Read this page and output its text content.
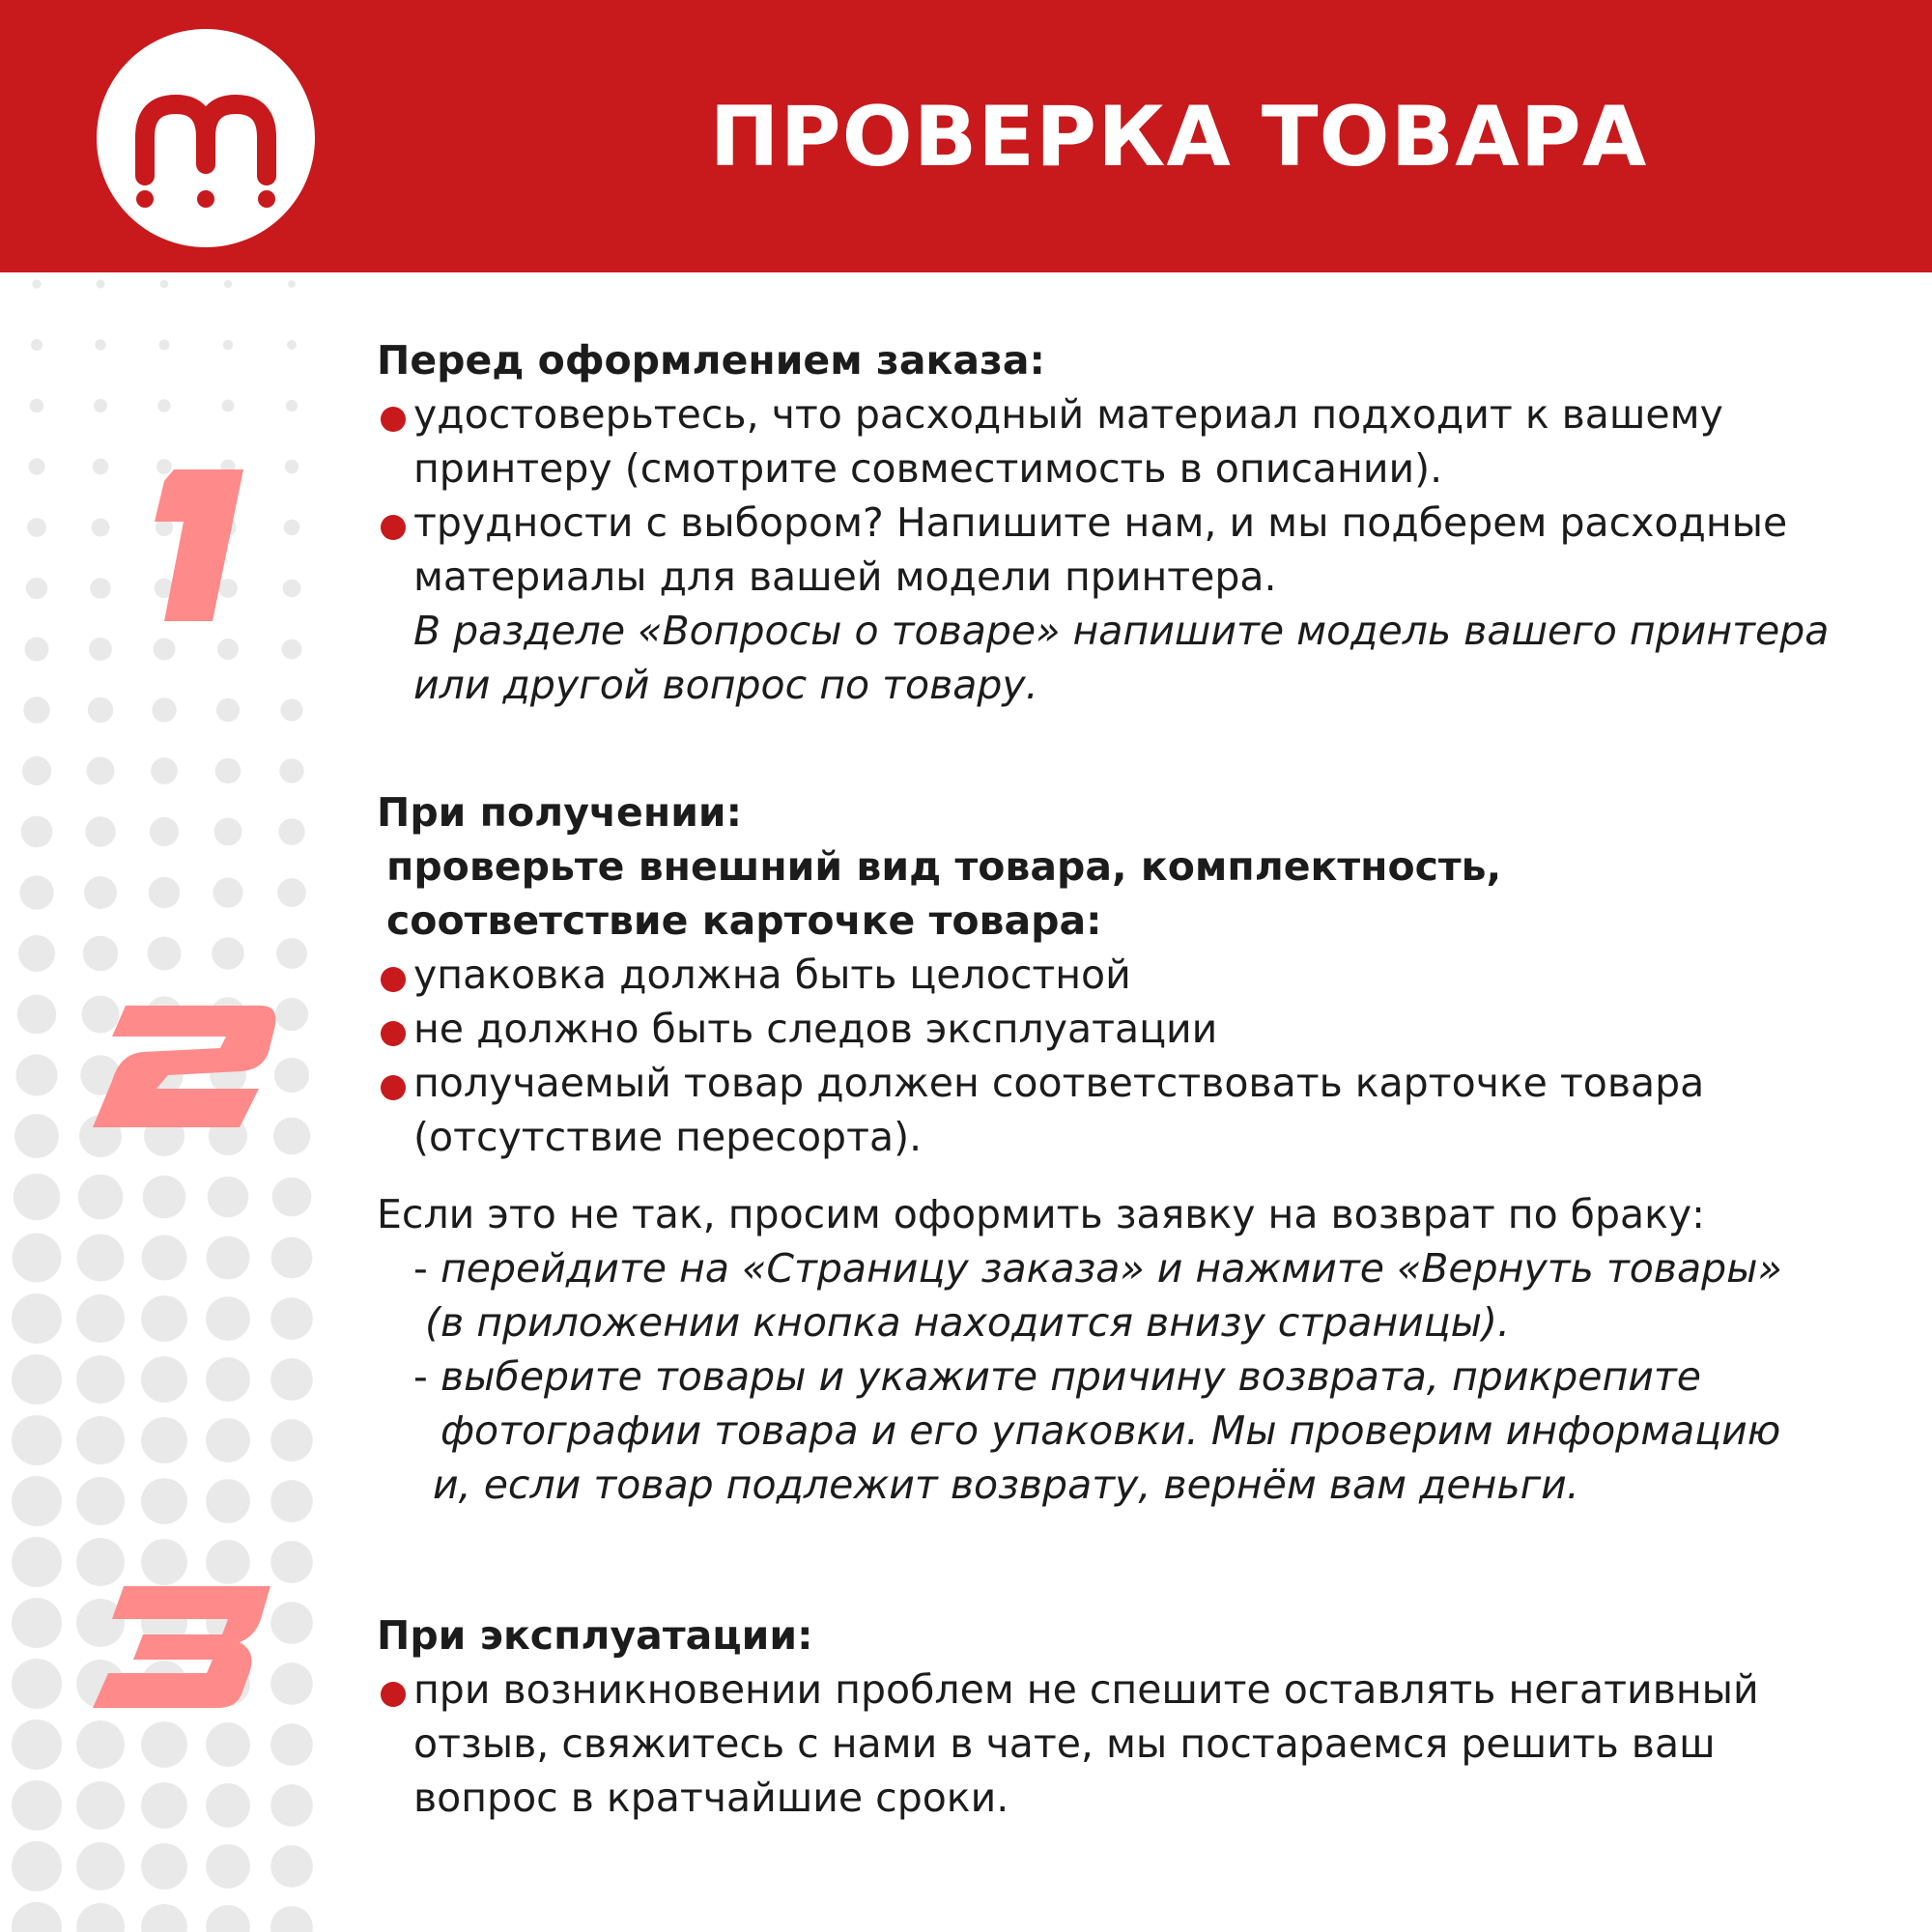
ПРОВЕРКА ТОВАРА

Перед оформлением заказа:

удостоверьтесь, что расходный материал подходит к вашему
принтеру (смотрите совместимость в описании).

трудности с выбором? Напишите нам, и мы подберем расходные
материалы для вашей модели принтера.

В разделе «Вопросы о товаре» напишите модель вашего принтера
или другой вопрос по товару.

При получении:

проверьте внешний вид товара, комплектность,
соответствие карточке товара:

упаковка должна быть целостной

не должно быть следов эксплуатации

получаемый товар должен соответствовать карточке товара
(отсутствие пересорта).

Если это не так, просим оформить заявку на возврат по браку:

- перейдите на «Страницу заказа» и нажмите «Вернуть товары»

(в приложении кнопка находится внизу страницы).

- выберите товары и укажите причину возврата, прикрепите

фотографии товара и его упаковки. Мы проверим информацию

и, если товар подлежит возврату, вернём вам деньги.

При эксплуатации:

при возникновении проблем не спешите оставлять негативный
отзыв, свяжитесь с нами в чате, мы постараемся решить ваш
вопрос в кратчайшие сроки.
